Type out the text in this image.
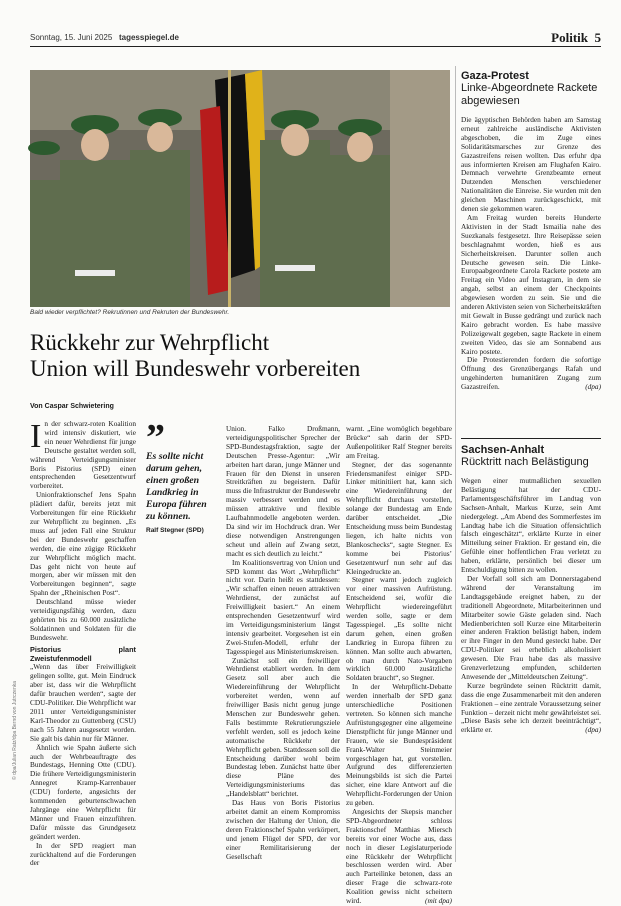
Sonntag, 15. Juni 2025 tagesspiegel.de	Politik 5
Bald wieder verpflichtet? Rekrutinnen und Rekruten der Bundeswehr.
© dpa/Julian Ratz/dpa Bernd von Jutrczenka
Rückkehr zur Wehrpflicht
Union will Bundeswehr vorbereiten
Von Caspar Schwietering

In der schwarz-roten Koalition wird intensiv diskutiert, wie ein neuer Wehrdienst für junge Deutsche gestaltet werden soll, während Verteidigungsminister Boris Pistorius (SPD) einen entsprechenden Gesetzentwurf vorbereitet.

Unionfraktionschef Jens Spahn plädiert dafür, bereits jetzt mit Vorbereitungen für eine Rückkehr zur Wehrpflicht zu beginnen. „Es muss auf jeden Fall eine Struktur bei der Bundeswehr geschaffen werden, die eine zügige Rückkehr zur Wehrpflicht möglich macht. Das geht nicht von heute auf morgen, aber wir müssen mit den Vorbereitungen beginnen“, sagte Spahn der „Rheinischen Post“.

Deutschland müsse wieder verteidigungsfähig werden, dazu gehörten bis zu 60.000 zusätzliche Soldatinnen und Soldaten für die Bundeswehr.

Pistorius plant Zweistufenmodell

„Wenn das über Freiwilligkeit gelingen sollte, gut. Mein Eindruck aber ist, dass wir die Wehrpflicht dafür brauchen werden“, sagte der CDU-Politiker. Die Wehrpflicht war 2011 unter Verteidigungsminister Karl-Theodor zu Guttenberg (CSU) nach 55 Jahren ausgesetzt worden. Sie galt bis dahin nur für Männer.

Ähnlich wie Spahn äußerte sich auch der Wehrbeauftragte des Bundestags, Henning Otte (CDU). Die frühere Verteidigungsministerin Annegret Kramp-Karrenbauer (CDU) forderte, angesichts der kommenden geburtenschwachen Jahrgänge eine Wehrpflicht für Männer und Frauen einzuführen. Dafür müsste das Grundgesetz geändert werden.

In der SPD reagiert man zurückhaltend auf die Forderungen der

”
Es sollte nicht darum gehen, einen großen Landkrieg in Europa führen zu können.
Ralf Stegner (SPD)

Union. Falko Droßmann, verteidigungspolitischer Sprecher der SPD-Bundestagsfraktion, sagte der Deutschen Presse-Agentur: „Wir arbeiten hart daran, junge Männer und Frauen für den Dienst in unseren Streitkräften zu begeistern. Dafür muss die Infrastruktur der Bundeswehr massiv verbessert werden und es müssen attraktive und flexible Laufbahnmodelle angeboten werden. Da sind wir im Hochdruck dran. Wer diese notwendigen Anstrengungen scheut und allein auf Zwang setzt, macht es sich deutlich zu leicht.“

Im Koalitionsvertrag von Union und SPD kommt das Wort „Wehrpflicht“ nicht vor. Darin heißt es stattdessen: „Wir schaffen einen neuen attraktiven Wehrdienst, der zunächst auf Freiwilligkeit basiert.“ An einem entsprechenden Gesetzentwurf wird im Verteidigungsministerium längst intensiv gearbeitet. Vorgesehen ist ein Zwei-Stufen-Modell, erfuhr der Tagesspiegel aus Ministeriumskreisen.

Zunächst soll ein freiwilliger Wehrdienst etabliert werden. In dem Gesetz soll aber auch die Wiedereinführung der Wehrpflicht vorbereitet werden, wenn auf freiwilliger Basis nicht genug junge Menschen zur Bundeswehr gehen. Falls bestimmte Rekrutierungsziele verfehlt werden, soll es jedoch keine automatische Rückkehr der Wehrpflicht geben. Stattdessen soll die Entscheidung darüber wohl beim Bundestag leben. Zunächst hatte über diese Pläne des Verteidigungsministeriums das „Handelsblatt“ berichtet.

Das Haus von Boris Pistorius arbeitet damit an einem Kompromiss zwischen der Haltung der Union, die deren Fraktionschef Spahn verkörpert, und jenem Flügel der SPD, der vor einer Remilitarisierung der Gesellschaft

warnt. „Eine womöglich begehbare Brücke“ sah darin der SPD-Außenpolitiker Ralf Stegner bereits am Freitag.

Stegner, der das sogenannte Friedensmanifest einiger SPD-Linker mitinitiiert hat, kann sich eine Wiedereinführung der Wehrpflicht durchaus vorstellen, solange der Bundestag am Ende darüber entscheidet. „Die Entscheidung muss beim Bundestag liegen, ich halte nichts von Blankoschecks“, sagte Stegner. Es komme bei Pistorius’ Gesetzentwurf nun sehr auf das Kleingedruckte an.

Stegner warnt jedoch zugleich vor einer massiven Aufrüstung. Entscheidend sei, wofür die Wehrpflicht wiedereingeführt werden solle, sagte er dem Tagesspiegel. „Es sollte nicht darum gehen, einen großen Landkrieg in Europa führen zu können. Man sollte auch abwarten, ob man durch Nato-Vorgaben wirklich 60.000 zusätzliche Soldaten braucht“, so Stegner.

In der Wehrpflicht-Debatte werden innerhalb der SPD ganz unterschiedliche Positionen vertreten. So können sich manche Aufrüstungsgegner eine allgemeine Dienstpflicht für junge Männer und Frauen, wie sie Bundespräsident Frank-Walter Steinmeier vorgeschlagen hat, gut vorstellen. Aufgrund des differenzierten Meinungsbilds ist sich die Partei sicher, eine klare Antwort auf die Wehrpflicht-Forderungen der Union zu geben.

Angesichts der Skepsis mancher SPD-Abgeordneter schloss Fraktionschef Matthias Miersch bereits vor einer Woche aus, dass noch in dieser Legislaturperiode eine Rückkehr der Wehrpflicht beschlossen werden wird. Aber auch Parteilinke betonen, dass an dieser Frage die schwarz-rote Koalition gewiss nicht scheitern wird.	(mit dpa)

Gaza-Protest
Linke-Abgeordnete Rackete abgewiesen

Die ägyptischen Behörden haben am Samstag erneut zahlreiche ausländische Aktivisten abgeschoben, die im Zuge eines Solidaritätsmarsches zur Grenze des Gazastreifens reisen wollten. Das erfuhr dpa aus informierten Kreisen am Flughafen Kairo. Demnach verwehrte Grenzbeamte erneut Dutzenden Menschen verschiedener Nationalitäten die Einreise. Sie wurden mit den gleichen Maschinen zurückgeschickt, mit denen sie gekommen waren.

Am Freitag wurden bereits Hunderte Aktivisten in der Stadt Ismailia nahe des Suezkanals festgesetzt. Ihre Reisepässe seien beschlagnahmt worden, hieß es aus Sicherheitskreisen. Darunter sollen auch Deutsche gewesen sein. Die Linke-Europaabgeordnete Carola Rackete postete am Freitag ein Video auf Instagram, in dem sie angab, selbst an einem der Checkpoints abgewiesen worden zu sein. Sie und die anderen Aktivisten seien von Sicherheitskräften mit Gewalt in Busse gedrängt und zurück nach Kairo gebracht worden. Es habe massive Polizeigewalt gegeben, sagte Rackete in einem zweiten Video, das sie am Sonnabend aus Kairo postete.

Die Protestierenden fordern die sofortige Öffnung des Grenzübergangs Rafah und ungehinderten humanitären Zugang zum Gazastreifen.	(dpa)

Sachsen-Anhalt
Rücktritt nach Belästigung

Wegen einer mutmaßlichen sexuellen Belästigung hat der CDU-Parlamentsgeschäftsführer im Landtag von Sachsen-Anhalt, Markus Kurze, sein Amt niedergelegt. „Am Abend des Sommerfestes im Landtag habe ich die Situation offensichtlich falsch eingeschätzt“, erklärte Kurze in einer Mitteilung seiner Fraktion. Er gestand ein, die Gefühle einer hoffentlichen Frau verletzt zu haben, erklärte, persönlich bei dieser um Entschuldigung bitten zu wollen.

Der Vorfall soll sich am Donnerstagabend während der Veranstaltung im Landtagsgebäude ereignet haben, zu der traditionell Abgeordnete, Mitarbeiterinnen und Mitarbeiter sowie Gäste geladen sind. Nach Medienberichten soll Kurze eine Mitarbeiterin einer anderen Fraktion belästigt haben, indem er ihre Finger in den Mund gesteckt habe. Der CDU-Politiker sei erheblich alkoholisiert gewesen. Die Frau habe das als massive Grenzverletzung empfunden, schilderten Anwesende der „Mitteldeutschen Zeitung“.

Kurze begründete seinen Rücktritt damit, dass die enge Zusammenarbeit mit den anderen Fraktionen – eine zentrale Voraussetzung seiner Funktion – derzeit nicht mehr gewährleistet sei. „Diese Basis sehe ich derzeit beeinträchtigt“, erklärte er.	(dpa)
